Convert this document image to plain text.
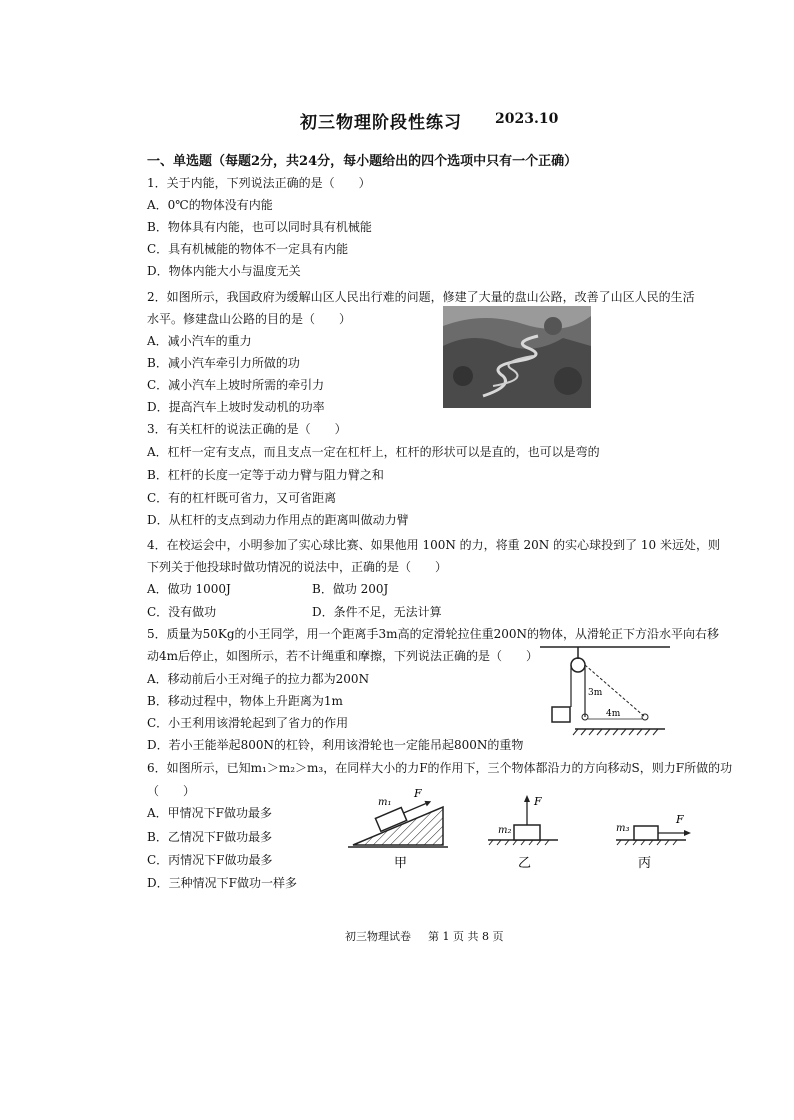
初三物理阶段性练习 2023.10
一、单选题（每题2分，共24分，每小题给出的四个选项中只有一个正确）
1．关于内能，下列说法正确的是（　　）
A．0℃的物体没有内能
B．物体具有内能，也可以同时具有机械能
C．具有机械能的物体不一定具有内能
D．物体内能大小与温度无关
2．如图所示，我国政府为缓解山区人民出行难的问题，修建了大量的盘山公路，改善了山区人民的生活
水平。修建盘山公路的目的是（　　）
A．减小汽车的重力
B．减小汽车牵引力所做的功
C．减小汽车上坡时所需的牵引力
D．提高汽车上坡时发动机的功率
3．有关杠杆的说法正确的是（　　）
A．杠杆一定有支点，而且支点一定在杠杆上，杠杆的形状可以是直的，也可以是弯的
B．杠杆的长度一定等于动力臂与阻力臂之和
C．有的杠杆既可省力，又可省距离
D．从杠杆的支点到动力作用点的距离叫做动力臂
4．在校运会中，小明参加了实心球比赛、如果他用 100N 的力，将重 20N 的实心球投到了 10 米远处，则
下列关于他投球时做功情况的说法中，正确的是（　　）
A．做功 1000J	B．做功 200J
C．没有做功	D．条件不足，无法计算
5．质量为50Kg的小王同学，用一个距离手3m高的定滑轮拉住重200N的物体，从滑轮正下方沿水平向右移
动4m后停止，如图所示，若不计绳重和摩擦，下列说法正确的是（　　）
A．移动前后小王对绳子的拉力都为200N
B．移动过程中，物体上升距离为1m
C．小王利用该滑轮起到了省力的作用
D．若小王能举起800N的杠铃，利用该滑轮也一定能吊起800N的重物
3m
4m
6．如图所示，已知m₁＞m₂＞m₃，在同样大小的力F的作用下，三个物体都沿力的方向移动S，则力F所做的功
（　　）
A．甲情况下F做功最多
B．乙情况下F做功最多
C．丙情况下F做功最多
D．三种情况下F做功一样多
m₁
F
甲
F
m₂
乙
F
m₃
丙
初三物理试卷 第 1 页 共 8 页
